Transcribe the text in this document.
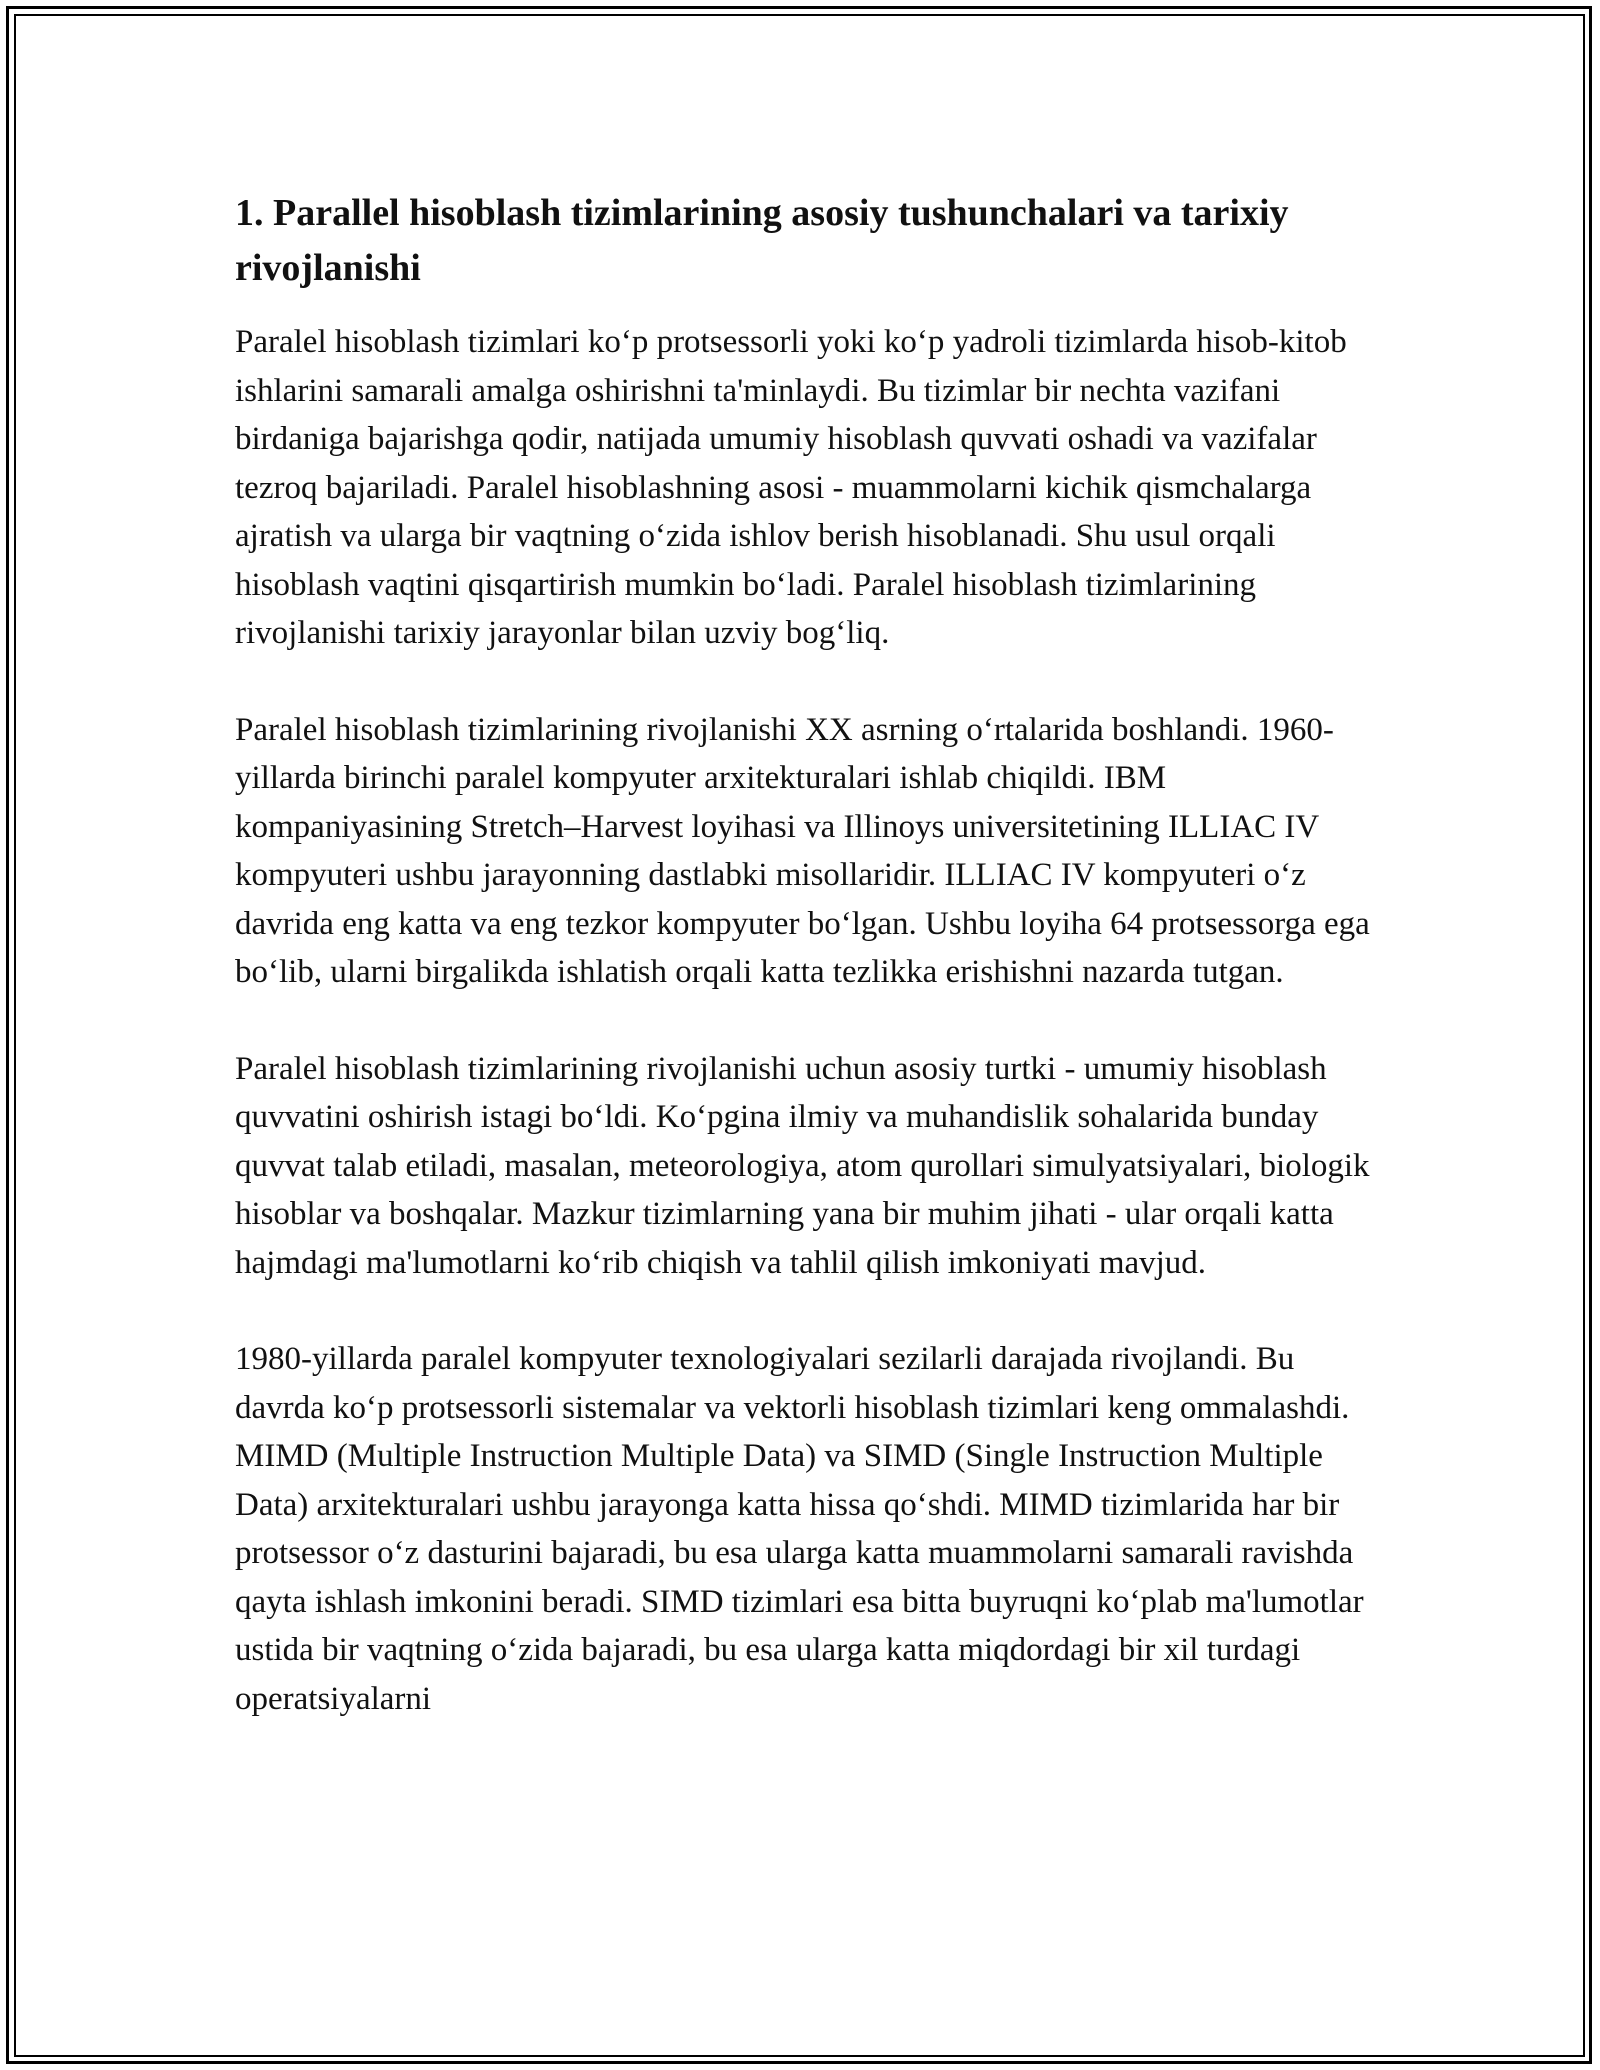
1. Parallel hisoblash tizimlarining asosiy tushunchalari va tarixiy rivojlanishi

Paralel hisoblash tizimlari koʻp protsessorli yoki koʻp yadroli tizimlarda hisob-kitob ishlarini samarali amalga oshirishni ta'minlaydi. Bu tizimlar bir nechta vazifani birdaniga bajarishga qodir, natijada umumiy hisoblash quvvati oshadi va vazifalar tezroq bajariladi. Paralel hisoblashning asosi - muammolarni kichik qismchalarga ajratish va ularga bir vaqtning oʻzida ishlov berish hisoblanadi. Shu usul orqali hisoblash vaqtini qisqartirish mumkin boʻladi. Paralel hisoblash tizimlarining rivojlanishi tarixiy jarayonlar bilan uzviy bogʻliq.

Paralel hisoblash tizimlarining rivojlanishi XX asrning oʻrtalarida boshlandi. 1960-yillarda birinchi paralel kompyuter arxitekturalari ishlab chiqildi. IBM kompaniyasining Stretch–Harvest loyihasi va Illinoys universitetining ILLIAC IV kompyuteri ushbu jarayonning dastlabki misollaridir. ILLIAC IV kompyuteri oʻz davrida eng katta va eng tezkor kompyuter boʻlgan. Ushbu loyiha 64 protsessorga ega boʻlib, ularni birgalikda ishlatish orqali katta tezlikka erishishni nazarda tutgan.

Paralel hisoblash tizimlarining rivojlanishi uchun asosiy turtki - umumiy hisoblash quvvatini oshirish istagi boʻldi. Koʻpgina ilmiy va muhandislik sohalarida bunday quvvat talab etiladi, masalan, meteorologiya, atom qurollari simulyatsiyalari, biologik hisoblar va boshqalar. Mazkur tizimlarning yana bir muhim jihati - ular orqali katta hajmdagi ma'lumotlarni koʻrib chiqish va tahlil qilish imkoniyati mavjud.

1980-yillarda paralel kompyuter texnologiyalari sezilarli darajada rivojlandi. Bu davrda koʻp protsessorli sistemalar va vektorli hisoblash tizimlari keng ommalashdi. MIMD (Multiple Instruction Multiple Data) va SIMD (Single Instruction Multiple Data) arxitekturalari ushbu jarayonga katta hissa qoʻshdi. MIMD tizimlarida har bir protsessor oʻz dasturini bajaradi, bu esa ularga katta muammolarni samarali ravishda qayta ishlash imkonini beradi. SIMD tizimlari esa bitta buyruqni koʻplab ma'lumotlar ustida bir vaqtning oʻzida bajaradi, bu esa ularga katta miqdordagi bir xil turdagi operatsiyalarni
